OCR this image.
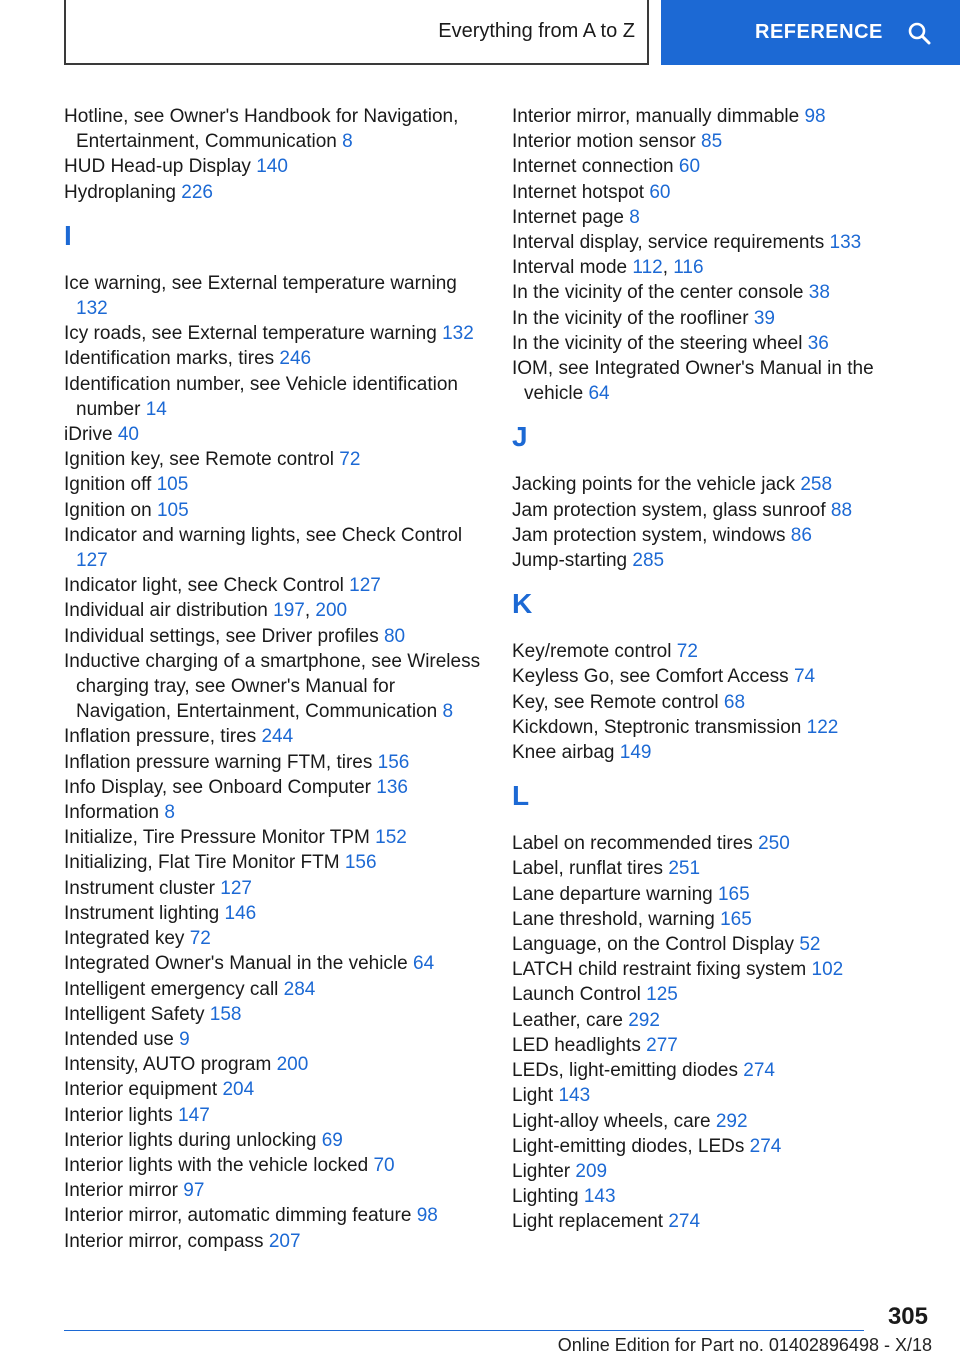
Everything from A to Z	REFERENCE
Hotline, see Owner's Handbook for Navigation, Entertainment, Communication 8
HUD Head-up Display 140
Hydroplaning 226
I
Ice warning, see External temperature warning 132
Icy roads, see External temperature warning 132
Identification marks, tires 246
Identification number, see Vehicle identification number 14
iDrive 40
Ignition key, see Remote control 72
Ignition off 105
Ignition on 105
Indicator and warning lights, see Check Control 127
Indicator light, see Check Control 127
Individual air distribution 197, 200
Individual settings, see Driver profiles 80
Inductive charging of a smartphone, see Wireless charging tray, see Owner's Manual for Navigation, Entertainment, Communication 8
Inflation pressure, tires 244
Inflation pressure warning FTM, tires 156
Info Display, see Onboard Computer 136
Information 8
Initialize, Tire Pressure Monitor TPM 152
Initializing, Flat Tire Monitor FTM 156
Instrument cluster 127
Instrument lighting 146
Integrated key 72
Integrated Owner's Manual in the vehicle 64
Intelligent emergency call 284
Intelligent Safety 158
Intended use 9
Intensity, AUTO program 200
Interior equipment 204
Interior lights 147
Interior lights during unlocking 69
Interior lights with the vehicle locked 70
Interior mirror 97
Interior mirror, automatic dimming feature 98
Interior mirror, compass 207
Interior mirror, manually dimmable 98
Interior motion sensor 85
Internet connection 60
Internet hotspot 60
Internet page 8
Interval display, service requirements 133
Interval mode 112, 116
In the vicinity of the center console 38
In the vicinity of the roofliner 39
In the vicinity of the steering wheel 36
IOM, see Integrated Owner's Manual in the vehicle 64
J
Jacking points for the vehicle jack 258
Jam protection system, glass sunroof 88
Jam protection system, windows 86
Jump-starting 285
K
Key/remote control 72
Keyless Go, see Comfort Access 74
Key, see Remote control 68
Kickdown, Steptronic transmission 122
Knee airbag 149
L
Label on recommended tires 250
Label, runflat tires 251
Lane departure warning 165
Lane threshold, warning 165
Language, on the Control Display 52
LATCH child restraint fixing system 102
Launch Control 125
Leather, care 292
LED headlights 277
LEDs, light-emitting diodes 274
Light 143
Light-alloy wheels, care 292
Light-emitting diodes, LEDs 274
Lighter 209
Lighting 143
Light replacement 274
305
Online Edition for Part no. 01402896498 - X/18
